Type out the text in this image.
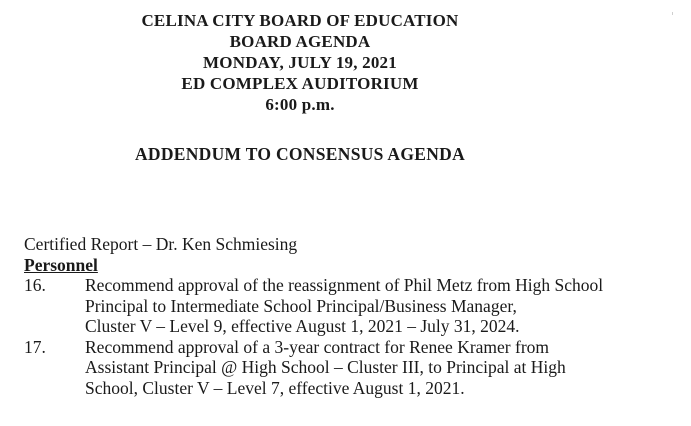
CELINA CITY BOARD OF EDUCATION
BOARD AGENDA
MONDAY, JULY 19, 2021
ED COMPLEX AUDITORIUM
6:00 p.m.
ADDENDUM TO CONSENSUS AGENDA
Certified Report – Dr. Ken Schmiesing
Personnel
16.	Recommend approval of the reassignment of Phil Metz from High School
Principal to Intermediate School Principal/Business Manager,
Cluster V – Level 9, effective August 1, 2021 – July 31, 2024.
17.	Recommend approval of a 3-year contract for Renee Kramer from
Assistant Principal @ High School – Cluster III, to Principal at High
School, Cluster V – Level 7, effective August 1, 2021.
